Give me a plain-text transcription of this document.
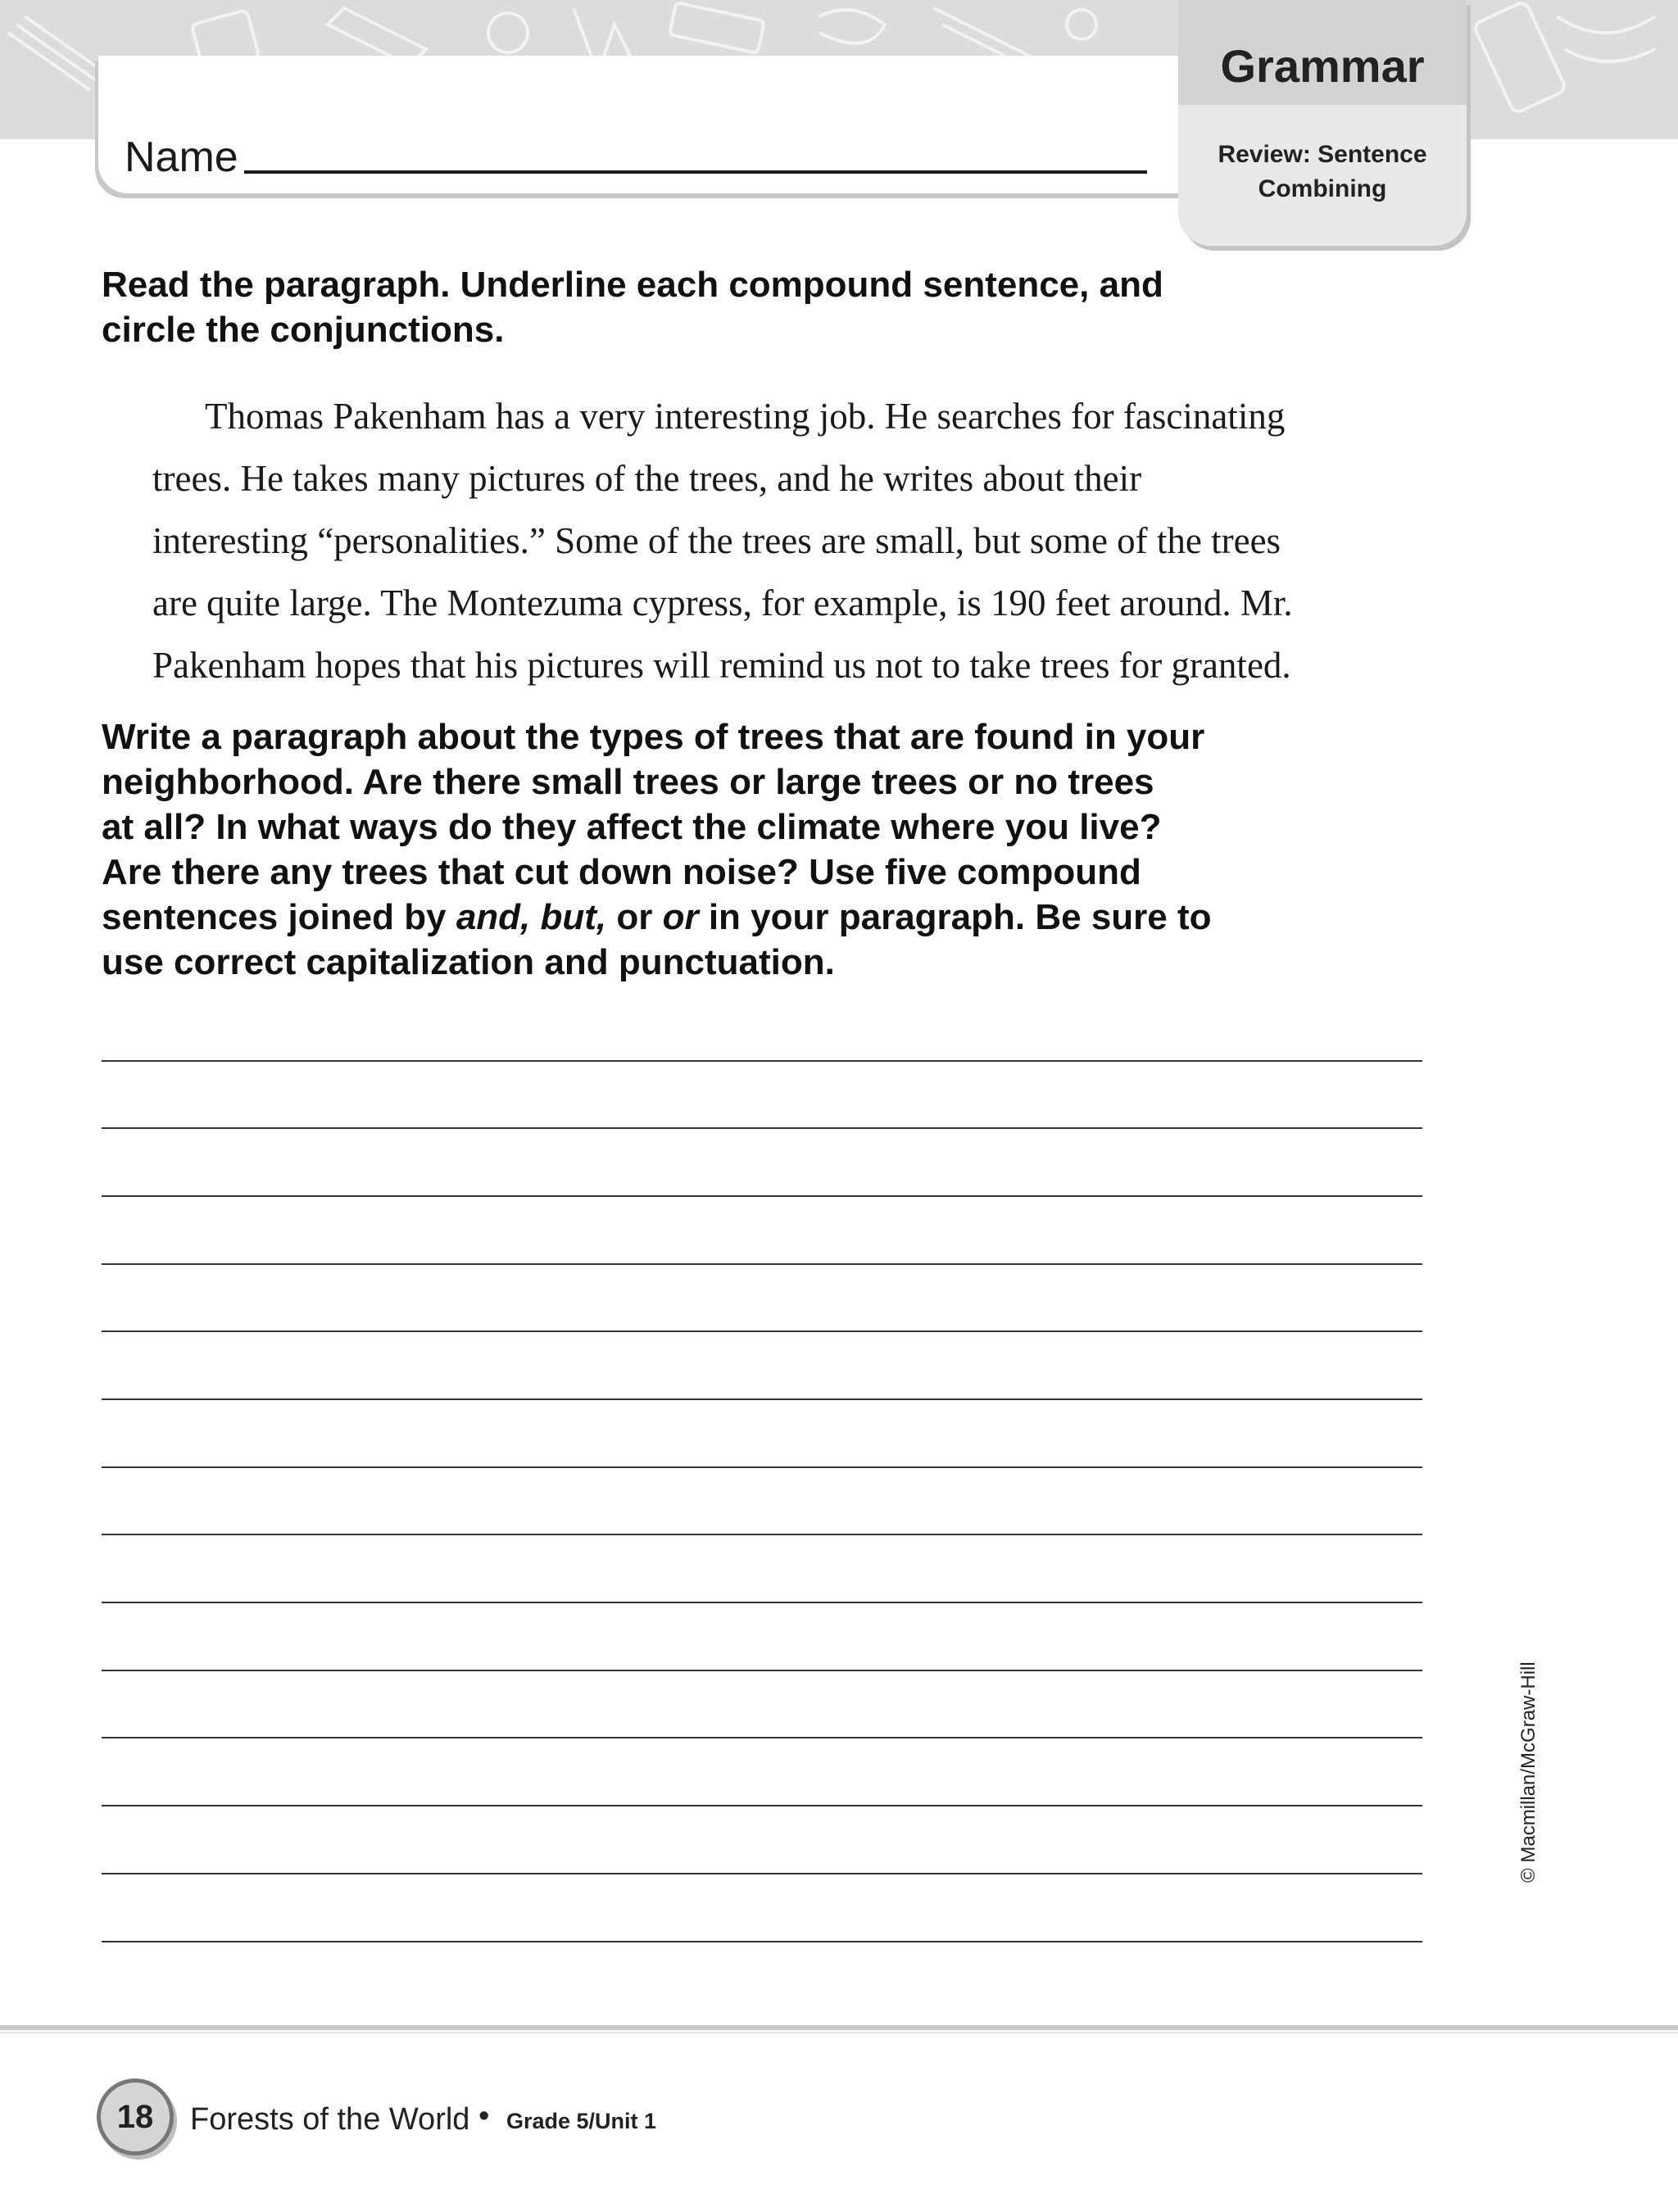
Name
Grammar
Review: Sentence
Combining
Read the paragraph. Underline each compound sentence, and
circle the conjunctions.
Thomas Pakenham has a very interesting job. He searches for fascinating
trees. He takes many pictures of the trees, and he writes about their
interesting “personalities.” Some of the trees are small, but some of the trees
are quite large. The Montezuma cypress, for example, is 190 feet around. Mr.
Pakenham hopes that his pictures will remind us not to take trees for granted.
Write a paragraph about the types of trees that are found in your
neighborhood. Are there small trees or large trees or no trees
at all? In what ways do they affect the climate where you live?
Are there any trees that cut down noise? Use five compound
sentences joined by and, but, or or in your paragraph. Be sure to
use correct capitalization and punctuation.
© Macmillan/McGraw-Hill
18	Forests of the World • Grade 5/Unit 1
